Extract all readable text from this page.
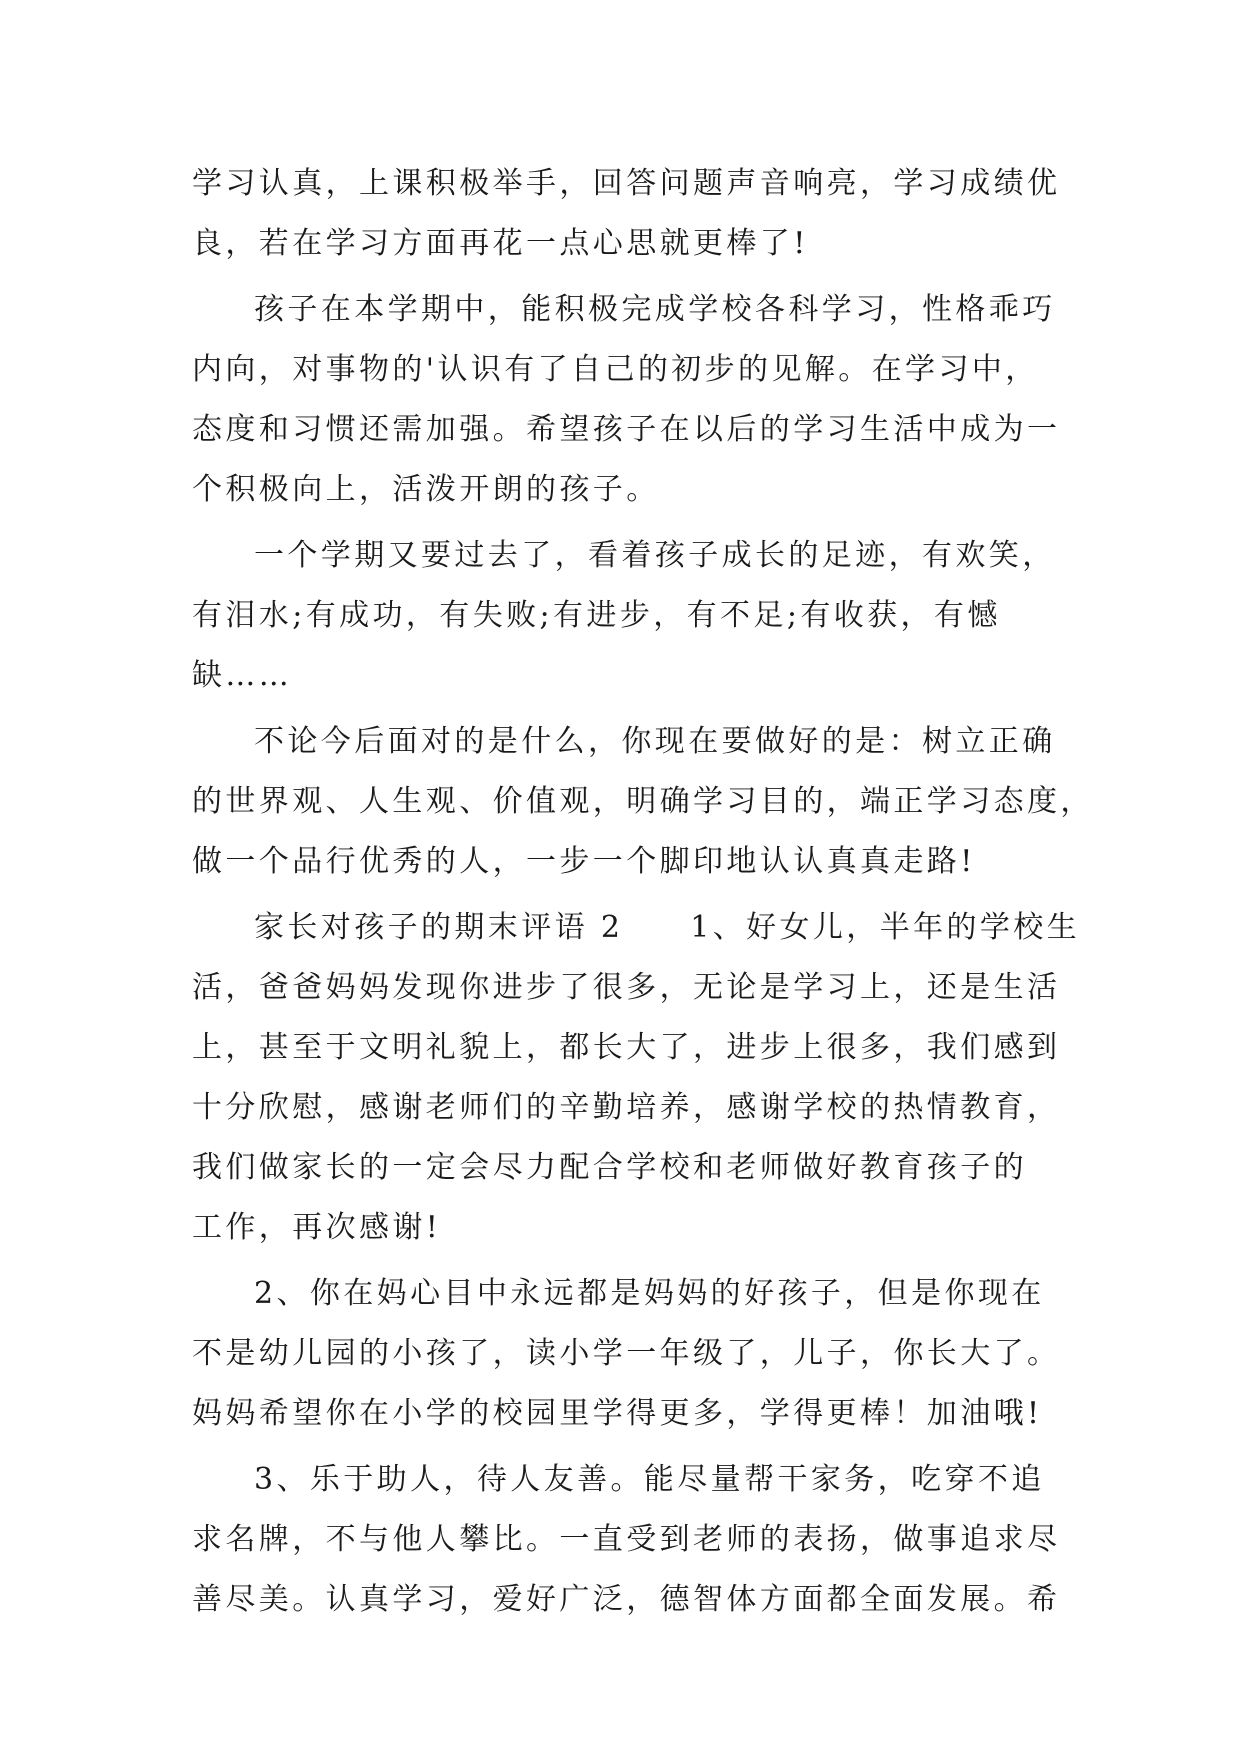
学习认真，上课积极举手，回答问题声音响亮，学习成绩优
良，若在学习方面再花一点心思就更棒了!
孩子在本学期中，能积极完成学校各科学习，性格乖巧
内向，对事物的'认识有了自己的初步的见解。在学习中，
态度和习惯还需加强。希望孩子在以后的学习生活中成为一
个积极向上，活泼开朗的孩子。
一个学期又要过去了，看着孩子成长的足迹，有欢笑，
有泪水;有成功，有失败;有进步，有不足;有收获，有憾
缺……
不论今后面对的是什么，你现在要做好的是：树立正确
的世界观、人生观、价值观，明确学习目的，端正学习态度，
做一个品行优秀的人，一步一个脚印地认认真真走路!
家长对孩子的期末评语 2　　1、好女儿，半年的学校生
活，爸爸妈妈发现你进步了很多，无论是学习上，还是生活
上，甚至于文明礼貌上，都长大了，进步上很多，我们感到
十分欣慰，感谢老师们的辛勤培养，感谢学校的热情教育，
我们做家长的一定会尽力配合学校和老师做好教育孩子的
工作，再次感谢!
2、你在妈心目中永远都是妈妈的好孩子，但是你现在
不是幼儿园的小孩了，读小学一年级了，儿子，你长大了。
妈妈希望你在小学的校园里学得更多，学得更棒！加油哦!
3、乐于助人，待人友善。能尽量帮干家务，吃穿不追
求名牌，不与他人攀比。一直受到老师的表扬，做事追求尽
善尽美。认真学习，爱好广泛，德智体方面都全面发展。希
